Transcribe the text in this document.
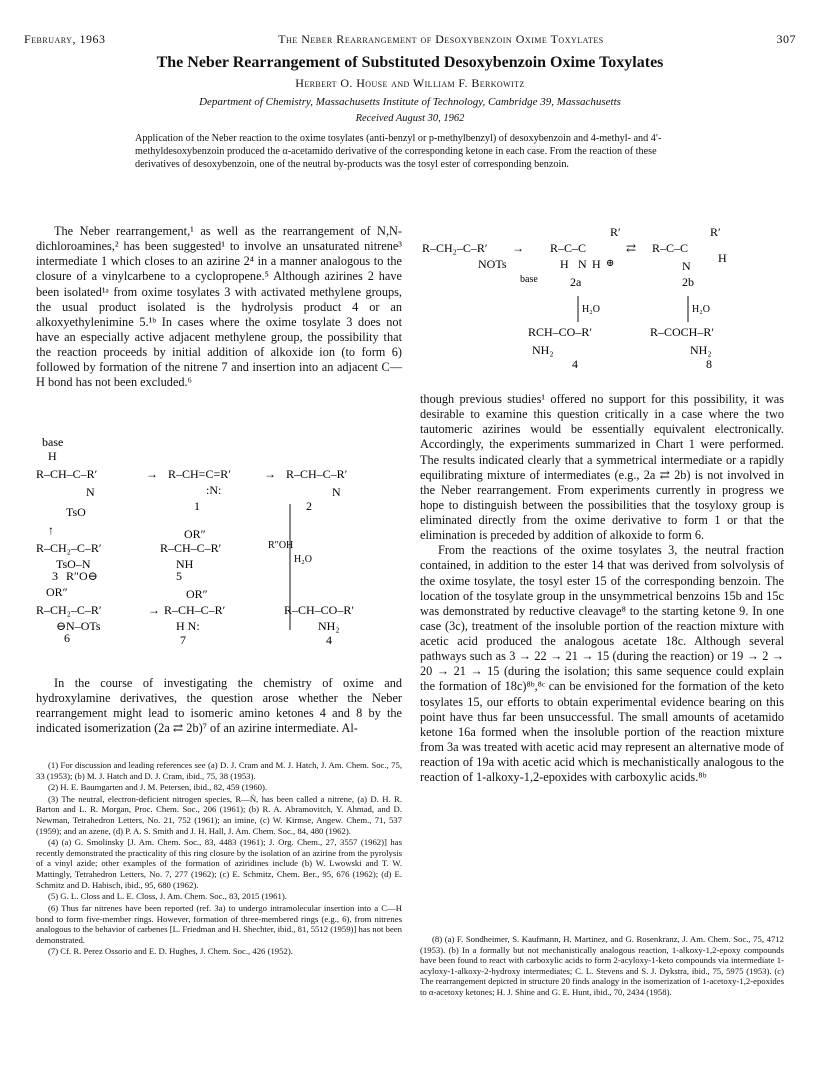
February, 1963	The Neber Rearrangement of Desoxybenzoin Oxime Toxylates	307
The Neber Rearrangement of Substituted Desoxybenzoin Oxime Toxylates
Herbert O. House and William F. Berkowitz
Department of Chemistry, Massachusetts Institute of Technology, Cambridge 39, Massachusetts
Received August 30, 1962
Application of the Neber reaction to the oxime tosylates (anti-benzyl or p-methylbenzyl) of desoxybenzoin and 4-methyl- and 4′-methyldesoxybenzoin produced the α-acetamido derivative of the corresponding ketone in each case. From the reaction of these derivatives of desoxybenzoin, one of the neutral by-products was the tosyl ester of corresponding benzoin.

The Neber rearrangement,¹ as well as the rearrangement of N,N-dichloroamines,² has been suggested¹ to involve an unsaturated nitrene³ intermediate 1 which closes to an azirine 2⁴ in a manner analogous to the closure of a vinylcarbene to a cyclopropene.⁵ Although azirines 2 have been isolated¹ᵃ from oxime tosylates 3 with activated methylene groups, the usual product isolated is the hydrolysis product 4 or an alkoxyethylenimine 5.¹ᵇ In cases where the oxime tosylate 3 does not have an especially active adjacent methylene group, the possibility that the reaction proceeds by initial addition of alkoxide ion (to form 6) followed by formation of the nitrene 7 and insertion into an adjacent C—H bond has not been excluded.⁶

base
H
R–CH–C–R′
N
TsO
→ R–CH=C=R′
:N:
1
→ R–CH–C–R′
N
2
↑
R–CH₂–C–R′
TsO–N
3 R″O⊖
OR″
R–CH–C–R′
NH
5
R″OH
H₂O
OR″
R–CH₂–C–R′
⊖N–OTs
6
→
OR″
R–CH–C–R′
H N:
7
R–CH–CO–R′
NH₂
4

In the course of investigating the chemistry of oxime and hydroxylamine derivatives, the question arose whether the Neber rearrangement might lead to isomeric amino ketones 4 and 8 by the indicated isomerization (2a ⇄ 2b)⁷ of an azirine intermediate. Al-

(1) For discussion and leading references see (a) D. J. Cram and M. J. Hatch, J. Am. Chem. Soc., 75, 33 (1953); (b) M. J. Hatch and D. J. Cram, ibid., 75, 38 (1953).

(2) H. E. Baumgarten and J. M. Petersen, ibid., 82, 459 (1960).

(3) The neutral, electron-deficient nitrogen species, R—N̈, has been called a nitrene, (a) D. H. R. Barton and L. R. Morgan, Proc. Chem. Soc., 206 (1961); (b) R. A. Abramovitch, Y. Ahmad, and D. Newman, Tetrahedron Letters, No. 21, 752 (1961); an imine, (c) W. Kirmse, Angew. Chem., 71, 537 (1959); and an azene, (d) P. A. S. Smith and J. H. Hall, J. Am. Chem. Soc., 84, 480 (1962).

(4) (a) G. Smolinsky [J. Am. Chem. Soc., 83, 4483 (1961); J. Org. Chem., 27, 3557 (1962)] has recently demonstrated the practicality of this ring closure by the isolation of an azirine from the pyrolysis of a vinyl azide; other examples of the formation of aziridines include (b) W. Lwowski and T. W. Mattingly, Tetrahedron Letters, No. 7, 277 (1962); (c) E. Schmitz, Chem. Ber., 95, 676 (1962); (d) E. Schmitz and D. Habisch, ibid., 95, 680 (1962).

(5) G. L. Closs and L. E. Closs, J. Am. Chem. Soc., 83, 2015 (1961).

(6) Thus far nitrenes have been reported (ref. 3a) to undergo intramolecular insertion into a C—H bond to form five-member rings. However, formation of three-membered rings (e.g., 6), from nitrenes analogous to the behavior of carbenes [L. Friedman and H. Shechter, ibid., 81, 5512 (1959)] has not been demonstrated.

(7) Cf. R. Perez Ossorio and E. D. Hughes, J. Chem. Soc., 426 (1952).

R–CH₂–C–R′
NOTs
→ R–C–C
R′
H N H ⊕
base
⇄ R–C–C
R′
N
H
2a	2b
H₂O	H₂O
RCH–CO–R′
NH₂
4
R–COCH–R′
NH₂
8

though previous studies¹ offered no support for this possibility, it was desirable to examine this question critically in a case where the two tautomeric azirines would be essentially equivalent electronically. Accordingly, the experiments summarized in Chart 1 were performed. The results indicated clearly that a symmetrical intermediate or a rapidly equilibrating mixture of intermediates (e.g., 2a ⇄ 2b) is not involved in the Neber rearrangement. From experiments currently in progress we hope to distinguish between the possibilities that the tosyloxy group is eliminated directly from the oxime derivative to form 1 or that the elimination is preceded by addition of alkoxide to form 6.

From the reactions of the oxime tosylates 3, the neutral fraction contained, in addition to the ester 14 that was derived from solvolysis of the oxime tosylate, the tosyl ester 15 of the corresponding benzoin. The location of the tosylate group in the unsymmetrical benzoins 15b and 15c was demonstrated by reductive cleavage⁸ to the starting ketone 9. In one case (3c), treatment of the insoluble portion of the reaction mixture with acetic acid produced the analogous acetate 18c. Although several pathways such as 3 → 22 → 21 → 15 (during the reaction) or 19 → 2 → 20 → 21 → 15 (during the isolation; this same sequence could explain the formation of 18c)⁸ᵇ,⁸ᶜ can be envisioned for the formation of the keto tosylates 15, our efforts to obtain experimental evidence bearing on this point have thus far been unsuccessful. The small amounts of acetamido ketone 16a formed when the insoluble portion of the reaction mixture from 3a was treated with acetic acid may represent an alternative mode of reaction of 19a with acetic acid which is mechanistically analogous to the reaction of 1-alkoxy-1,2-epoxides with carboxylic acids.⁸ᵇ

(8) (a) F. Sondheimer, S. Kaufmann, H. Martinez, and G. Rosenkranz, J. Am. Chem. Soc., 75, 4712 (1953). (b) In a formally but not mechanistically analogous reaction, 1-alkoxy-1,2-epoxy compounds have been found to react with carboxylic acids to form 2-acyloxy-1-keto compounds via intermediate 1-acyloxy-1-alkoxy-2-hydroxy intermediates; C. L. Stevens and S. J. Dykstra, ibid., 75, 5975 (1953). (c) The rearrangement depicted in structure 20 finds analogy in the isomerization of 1-acetoxy-1,2-epoxides to α-acetoxy ketones; H. J. Shine and G. E. Hunt, ibid., 70, 2434 (1958).
